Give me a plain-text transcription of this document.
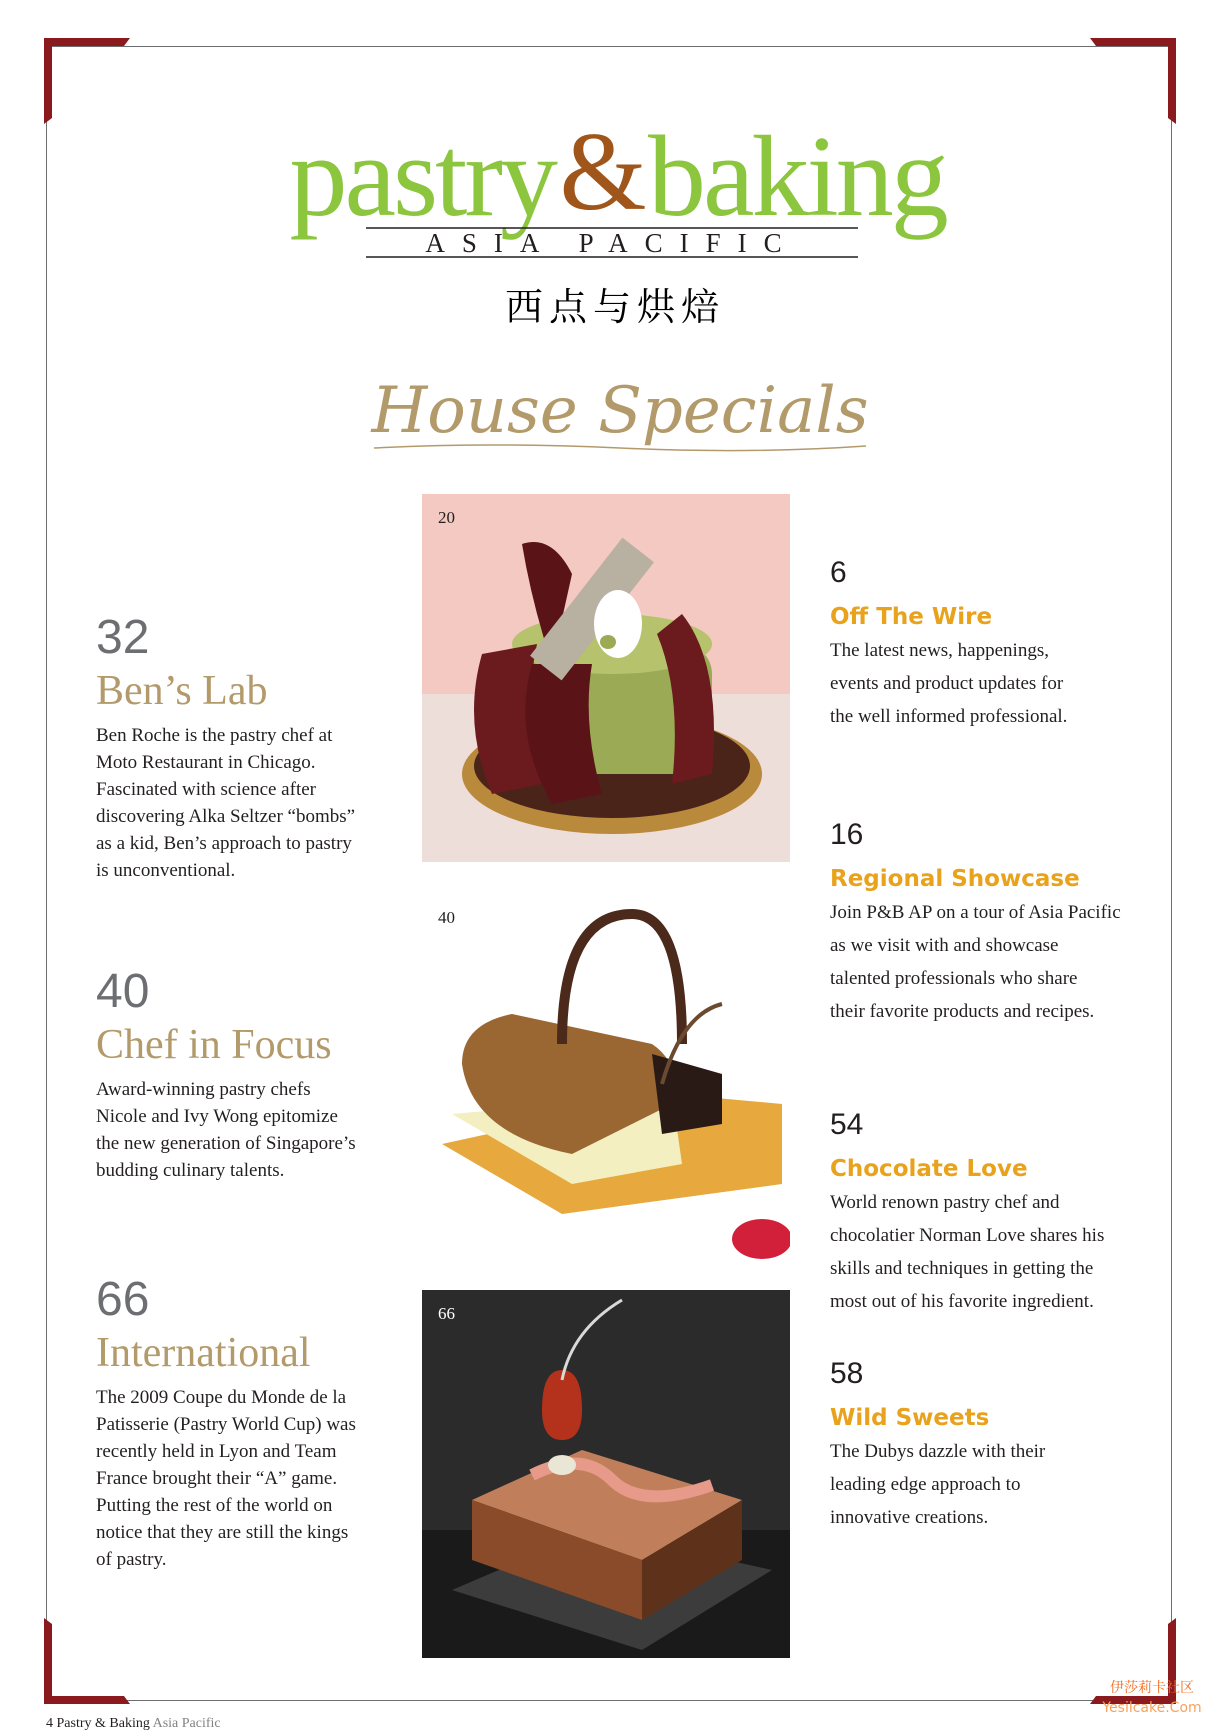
pastry & baking
ASIA PACIFIC
西点与烘焙
House Specials
20
40
66
32
Ben’s Lab
Ben Roche is the pastry chef at
Moto Restaurant in Chicago.
Fascinated with science after
discovering Alka Seltzer “bombs”
as a kid, Ben’s approach to pastry
is unconventional.
40
Chef in Focus
Award-winning pastry chefs
Nicole and Ivy Wong epitomize
the new generation of Singapore’s
budding culinary talents.
66
International
The 2009 Coupe du Monde de la
Patisserie (Pastry World Cup) was
recently held in Lyon and Team
France brought their “A” game.
Putting the rest of the world on
notice that they are still the kings
of pastry.
6
Off The Wire
The latest news, happenings,
events and product updates for
the well informed professional.
16
Regional Showcase
Join P&B AP on a tour of Asia Pacific
as we visit with and showcase
talented professionals who share
their favorite products and recipes.
54
Chocolate Love
World renown pastry chef and
chocolatier Norman Love shares his
skills and techniques in getting the
most out of his favorite ingredient.
58
Wild Sweets
The Dubys dazzle with their
leading edge approach to
innovative creations.
4 Pastry & Baking Asia Pacific
伊莎莉卡社区
Yesilcake.Com
